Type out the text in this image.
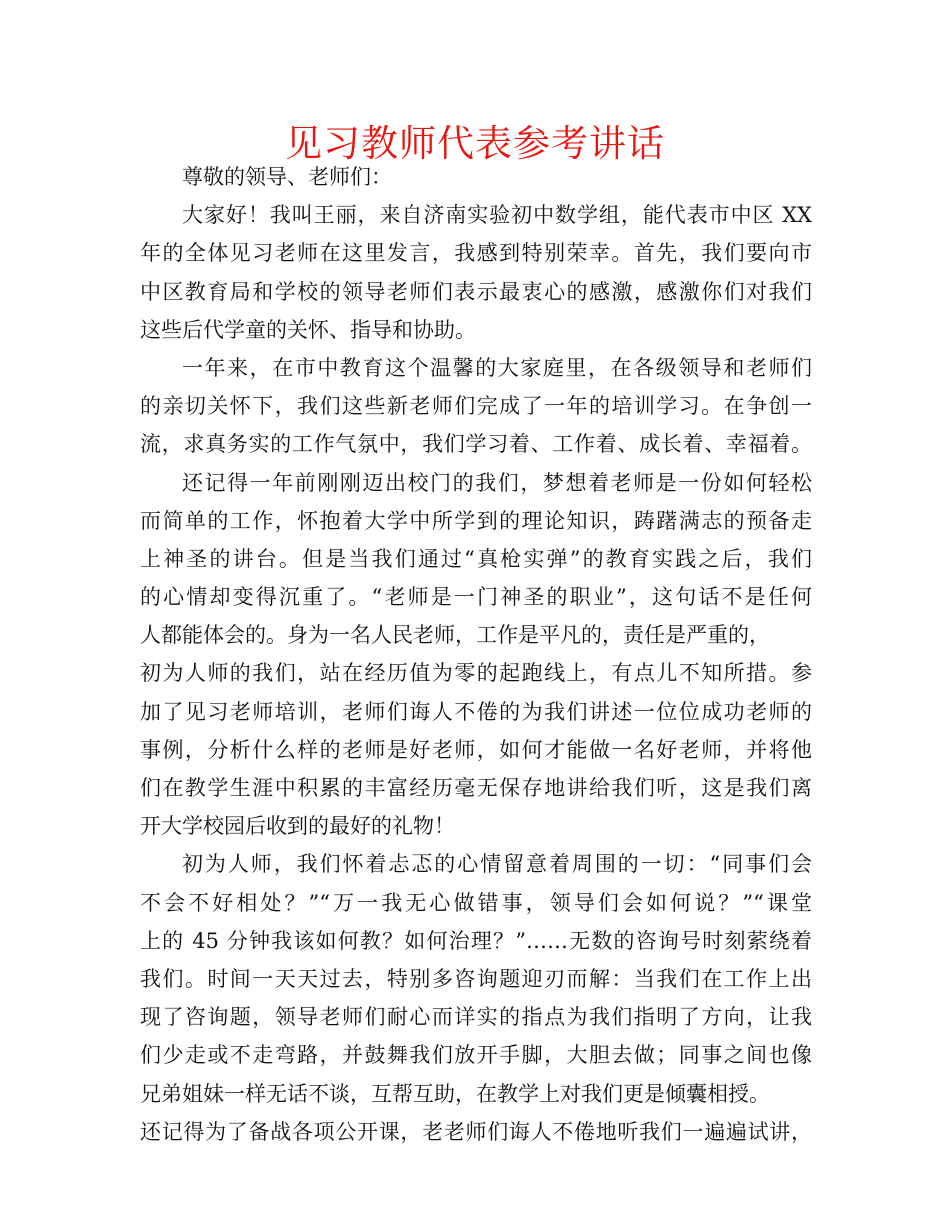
见习教师代表参考讲话
尊敬的领导、老师们：
大家好！我叫王丽，来自济南实验初中数学组，能代表市中区 XX
年的全体见习老师在这里发言，我感到特别荣幸。首先，我们要向市
中区教育局和学校的领导老师们表示最衷心的感激，感激你们对我们
这些后代学童的关怀、指导和协助。
一年来，在市中教育这个温馨的大家庭里，在各级领导和老师们
的亲切关怀下，我们这些新老师们完成了一年的培训学习。在争创一
流，求真务实的工作气氛中，我们学习着、工作着、成长着、幸福着。
还记得一年前刚刚迈出校门的我们，梦想着老师是一份如何轻松
而简单的工作，怀抱着大学中所学到的理论知识，踌躇满志的预备走
上神圣的讲台。但是当我们通过“真枪实弹”的教育实践之后，我们
的心情却变得沉重了。“老师是一门神圣的职业”，这句话不是任何
人都能体会的。身为一名人民老师，工作是平凡的，责任是严重的，
初为人师的我们，站在经历值为零的起跑线上，有点儿不知所措。参
加了见习老师培训，老师们诲人不倦的为我们讲述一位位成功老师的
事例，分析什么样的老师是好老师，如何才能做一名好老师，并将他
们在教学生涯中积累的丰富经历毫无保存地讲给我们听，这是我们离
开大学校园后收到的最好的礼物！
初为人师，我们怀着忐忑的心情留意着周围的一切：“同事们会
不会不好相处？”“万一我无心做错事，领导们会如何说？”“课堂
上的 45 分钟我该如何教？如何治理？”……无数的咨询号时刻萦绕着
我们。时间一天天过去，特别多咨询题迎刃而解：当我们在工作上出
现了咨询题，领导老师们耐心而详实的指点为我们指明了方向，让我
们少走或不走弯路，并鼓舞我们放开手脚，大胆去做；同事之间也像
兄弟姐妹一样无话不谈，互帮互助，在教学上对我们更是倾囊相授。
还记得为了备战各项公开课，老老师们诲人不倦地听我们一遍遍试讲，
